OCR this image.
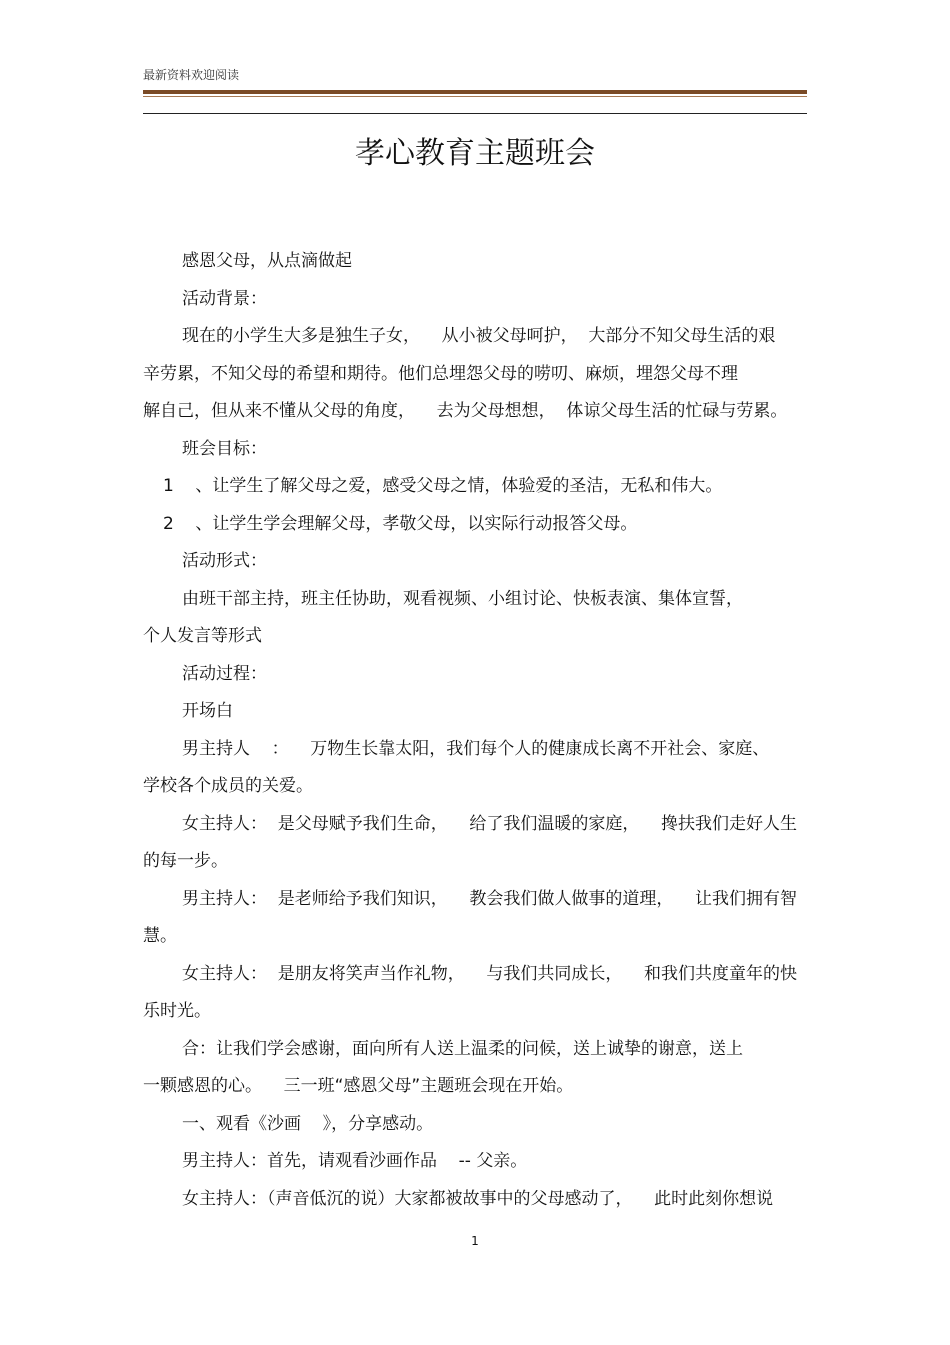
最新资料欢迎阅读
孝心教育主题班会
感恩父母，从点滴做起
活动背景：
现在的小学生大多是独生子女，    从小被父母呵护，  大部分不知父母生活的艰
辛劳累，不知父母的希望和期待。他们总埋怨父母的唠叨、麻烦，埋怨父母不理
解自己，但从来不懂从父母的角度，    去为父母想想，  体谅父母生活的忙碌与劳累。
班会目标：
1    、让学生了解父母之爱，感受父母之情，体验爱的圣洁，无私和伟大。
2    、让学生学会理解父母，孝敬父母，以实际行动报答父母。
活动形式：
由班干部主持，班主任协助，观看视频、小组讨论、快板表演、集体宣誓，
个人发言等形式
活动过程：
开场白
男主持人    ：    万物生长靠太阳，我们每个人的健康成长离不开社会、家庭、
学校各个成员的关爱。
女主持人：  是父母赋予我们生命，    给了我们温暖的家庭，    搀扶我们走好人生
的每一步。
男主持人：  是老师给予我们知识，    教会我们做人做事的道理，    让我们拥有智
慧。
女主持人：  是朋友将笑声当作礼物，    与我们共同成长，    和我们共度童年的快
乐时光。
合：让我们学会感谢，面向所有人送上温柔的问候，送上诚挚的谢意，送上
一颗感恩的心。    三一班“感恩父母”主题班会现在开始。
一、观看《沙画    》，分享感动。
男主持人：首先，请观看沙画作品    -- 父亲。
女主持人：（声音低沉的说）大家都被故事中的父母感动了，    此时此刻你想说
1
